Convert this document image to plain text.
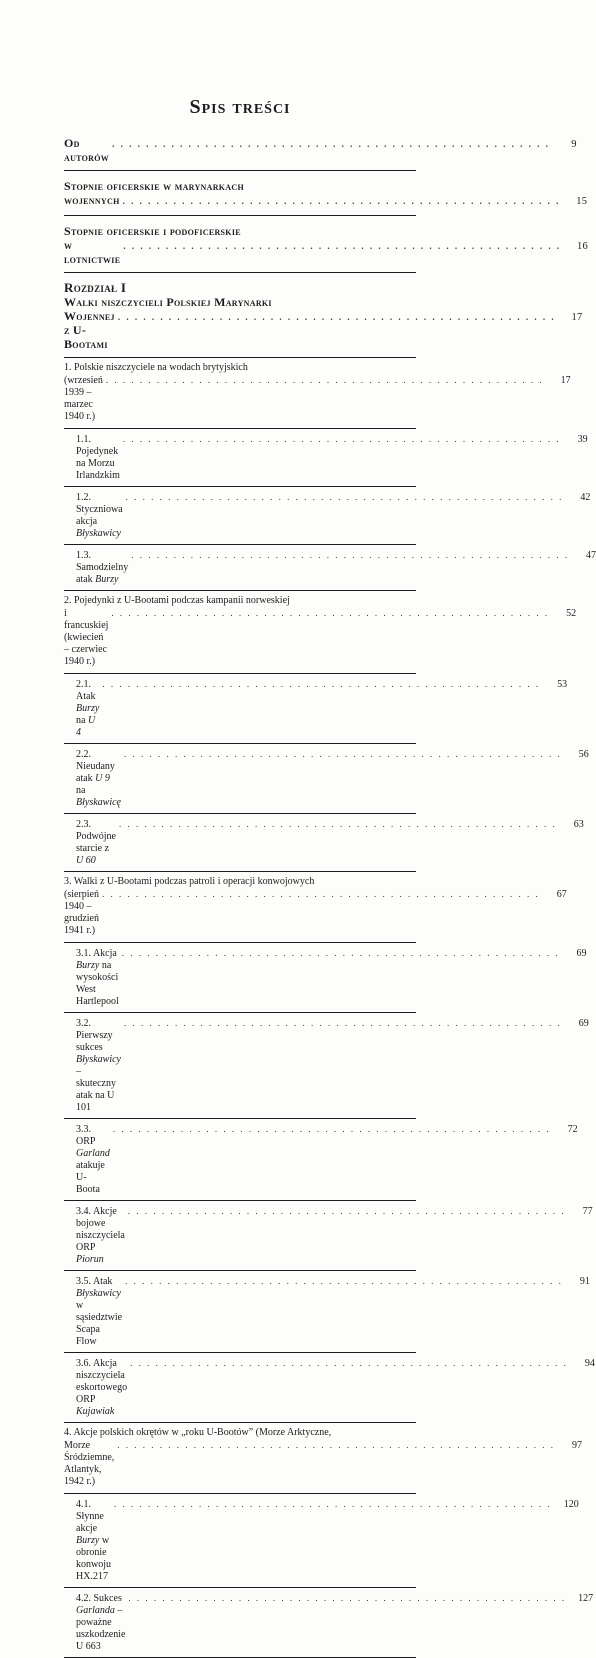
Spis treści
Od autorów
. . . . . . . . . . . . . . . . . . . . . . . . . . . . . . . . . . . . . . . . . . . . . . . . . . . .	9
Stopnie oficerskie w marynarkach
wojennych . . . . . . . . . . . . . . . . . . . . . . . . . . . . . . . . . . . . . . . . . . . . . . . . . . . .	15
Stopnie oficerskie i podoficerskie
w lotnictwie
. . . . . . . . . . . . . . . . . . . . . . . . . . . . . . . . . . . . . . . . . . . . . . . . . . . .	16
Rozdział I
Walki niszczycieli Polskiej Marynarki
Wojennej z U-Bootami
. . . . . . . . . . . . . . . . . . . . . . . . . . . . . . . . . . . . . . . . . . . . . . . . . . . .	17
1. Polskie niszczyciele na wodach brytyjskich
(wrzesień 1939 – marzec 1940 r.)
. . . . . . . . . . . . . . . . . . . . . . . . . . . . . . . . . . . . . . . . . . . . . . . . . . . .	17
1.1. Pojedynek na Morzu Irlandzkim
. . . . . . . . . . . . . . . . . . . . . . . . . . . . . . . . . . . . . . . . . . . . . . . . . . . .	39
1.2. Styczniowa akcja Błyskawicy
. . . . . . . . . . . . . . . . . . . . . . . . . . . . . . . . . . . . . . . . . . . . . . . . . . . .	42
1.3. Samodzielny atak Burzy
. . . . . . . . . . . . . . . . . . . . . . . . . . . . . . . . . . . . . . . . . . . . . . . . . . . .	47
2. Pojedynki z U-Bootami podczas kampanii norweskiej
i francuskiej (kwiecień – czerwiec 1940 r.)
. . . . . . . . . . . . . . . . . . . . . . . . . . . . . . . . . . . . . . . . . . . . . . . . . . . .	52
2.1. Atak Burzy na U 4
. . . . . . . . . . . . . . . . . . . . . . . . . . . . . . . . . . . . . . . . . . . . . . . . . . . .	53
2.2. Nieudany atak U 9 na Błyskawicę
. . . . . . . . . . . . . . . . . . . . . . . . . . . . . . . . . . . . . . . . . . . . . . . . . . . .	56
2.3. Podwójne starcie z U 60
. . . . . . . . . . . . . . . . . . . . . . . . . . . . . . . . . . . . . . . . . . . . . . . . . . . .	63
3. Walki z U-Bootami podczas patroli i operacji konwojowych
(sierpień 1940 – grudzień 1941 r.)
. . . . . . . . . . . . . . . . . . . . . . . . . . . . . . . . . . . . . . . . . . . . . . . . . . . .	67
3.1. Akcja Burzy na wysokości West Hartlepool
. . . . . . . . . . . . . . . . . . . . . . . . . . . . . . . . . . . . . . . . . . . . . . . . . . . .	69
3.2. Pierwszy sukces Błyskawicy – skuteczny atak na U 101
. . . . . . . . . . . . . . . . . . . . . . . . . . . . . . . . . . . . . . . . . . . . . . . . . . . .	69
3.3. ORP Garland atakuje U-Boota
. . . . . . . . . . . . . . . . . . . . . . . . . . . . . . . . . . . . . . . . . . . . . . . . . . . .	72
3.4. Akcje bojowe niszczyciela ORP Piorun
. . . . . . . . . . . . . . . . . . . . . . . . . . . . . . . . . . . . . . . . . . . . . . . . . . . .	77
3.5. Atak Błyskawicy w sąsiedztwie Scapa Flow
. . . . . . . . . . . . . . . . . . . . . . . . . . . . . . . . . . . . . . . . . . . . . . . . . . . .	91
3.6. Akcja niszczyciela eskortowego ORP Kujawiak
. . . . . . . . . . . . . . . . . . . . . . . . . . . . . . . . . . . . . . . . . . . . . . . . . . . .	94
4. Akcje polskich okrętów w „roku U-Bootów” (Morze Arktyczne,
Morze Śródziemne, Atlantyk, 1942 r.)
. . . . . . . . . . . . . . . . . . . . . . . . . . . . . . . . . . . . . . . . . . . . . . . . . . . .	97
4.1. Słynne akcje Burzy w obronie konwoju HX.217
. . . . . . . . . . . . . . . . . . . . . . . . . . . . . . . . . . . . . . . . . . . . . . . . . . . .	120
4.2. Sukces Garlanda – poważne uszkodzenie U 663
. . . . . . . . . . . . . . . . . . . . . . . . . . . . . . . . . . . . . . . . . . . . . . . . . . . .	127
